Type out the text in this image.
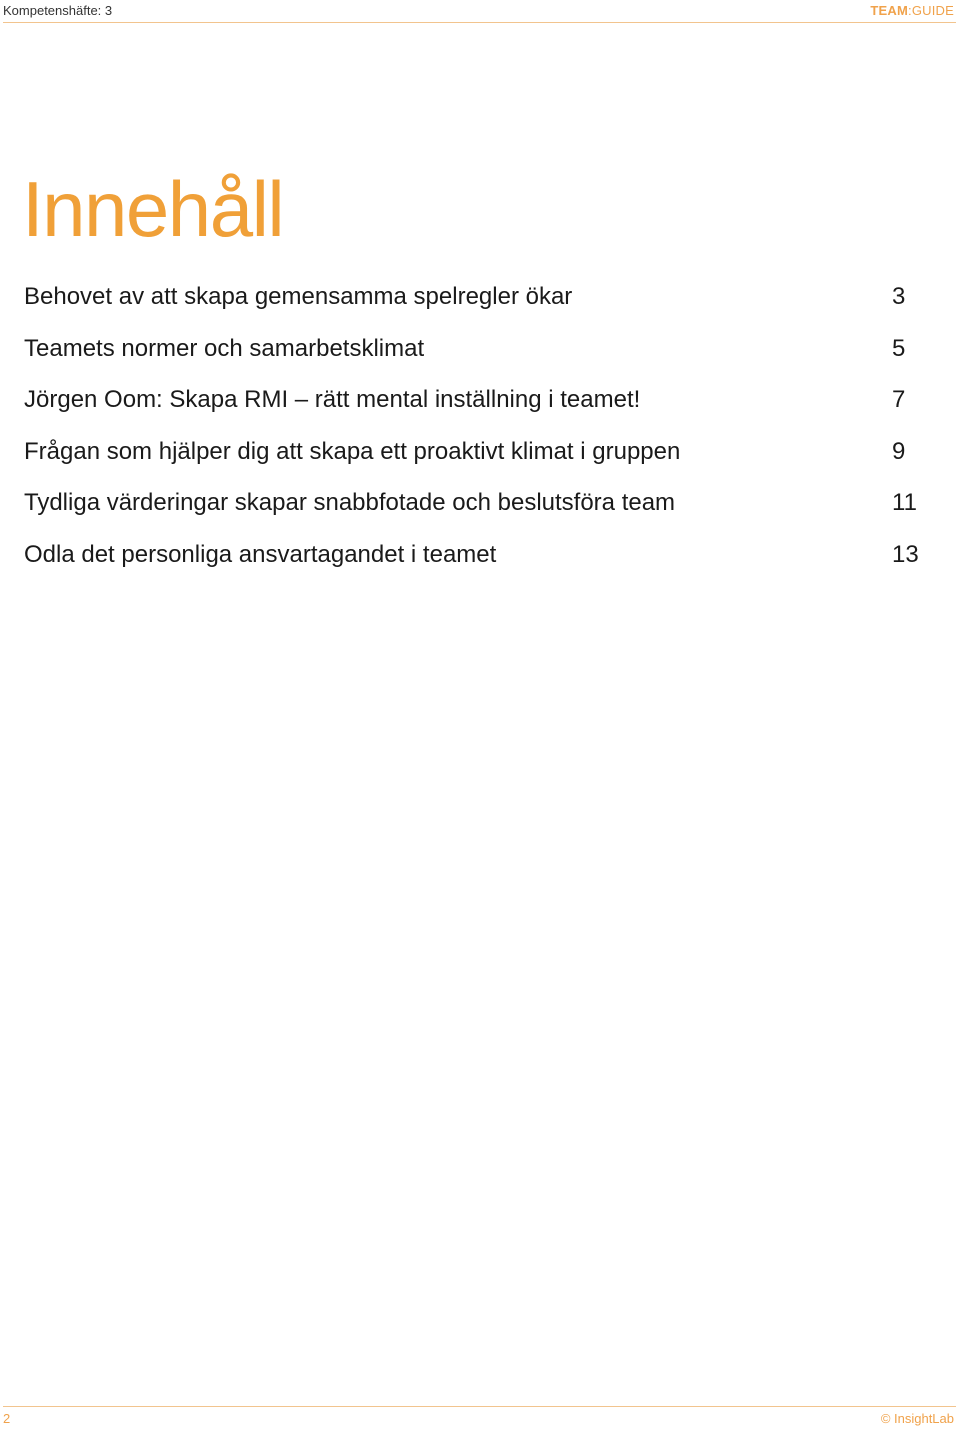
Kompetenshäfte: 3	TEAM:GUIDE
Innehåll
Behovet av att skapa gemensamma spelregler ökar	3
Teamets normer och samarbetsklimat	5
Jörgen Oom: Skapa RMI – rätt mental inställning i teamet!	7
Frågan som hjälper dig att skapa ett proaktivt klimat i gruppen	9
Tydliga värderingar skapar snabbfotade och beslutsföra team	11
Odla det personliga ansvartagandet i teamet	13
2	© InsightLab
